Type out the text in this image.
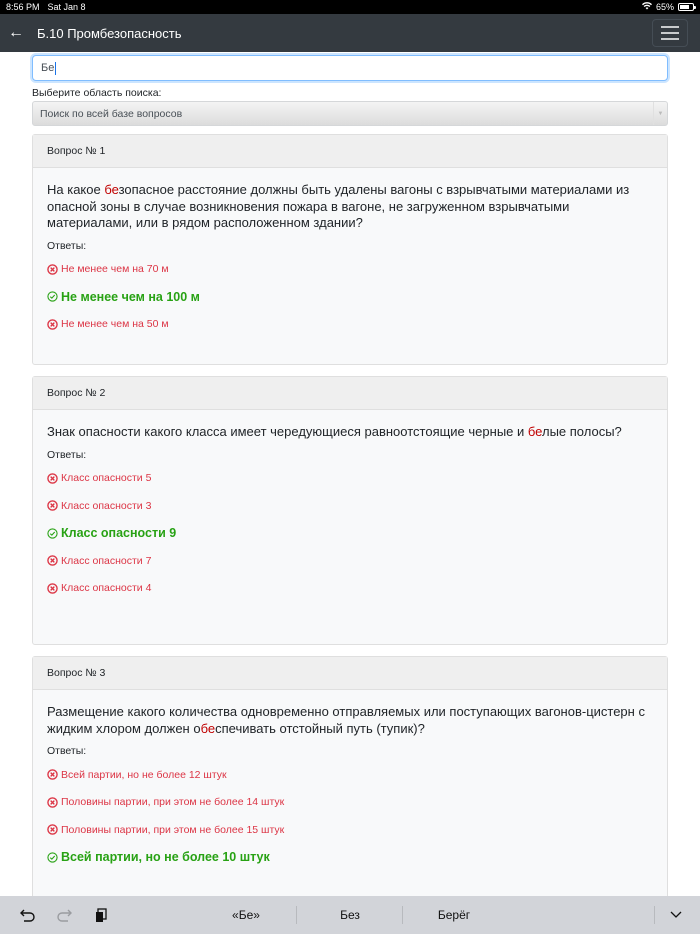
8:56 PM Sat Jan 8	65%
←	Б.10 Промбезопасность
Бе
Выберите область поиска:
Поиск по всей базе вопросов	▼
Вопрос № 1
На какое безопасное расстояние должны быть удалены вагоны с взрывчатыми материалами из опасной зоны в случае возникновения пожара в вагоне, не загруженном взрывчатыми материалами, или в рядом расположенном здании?
Ответы:
Не менее чем на 70 м
Не менее чем на 100 м
Не менее чем на 50 м
Вопрос № 2
Знак опасности какого класса имеет чередующиеся равноотстоящие черные и белые полосы?
Ответы:
Класс опасности 5
Класс опасности 3
Класс опасности 9
Класс опасности 7
Класс опасности 4
Вопрос № 3
Размещение какого количества одновременно отправляемых или поступающих вагонов-цистерн с жидким хлором должен обеспечивать отстойный путь (тупик)?
Ответы:
Всей партии, но не более 12 штук
Половины партии, при этом не более 14 штук
Половины партии, при этом не более 15 штук
Всей партии, но не более 10 штук
«Бе»	Без	Берёг
